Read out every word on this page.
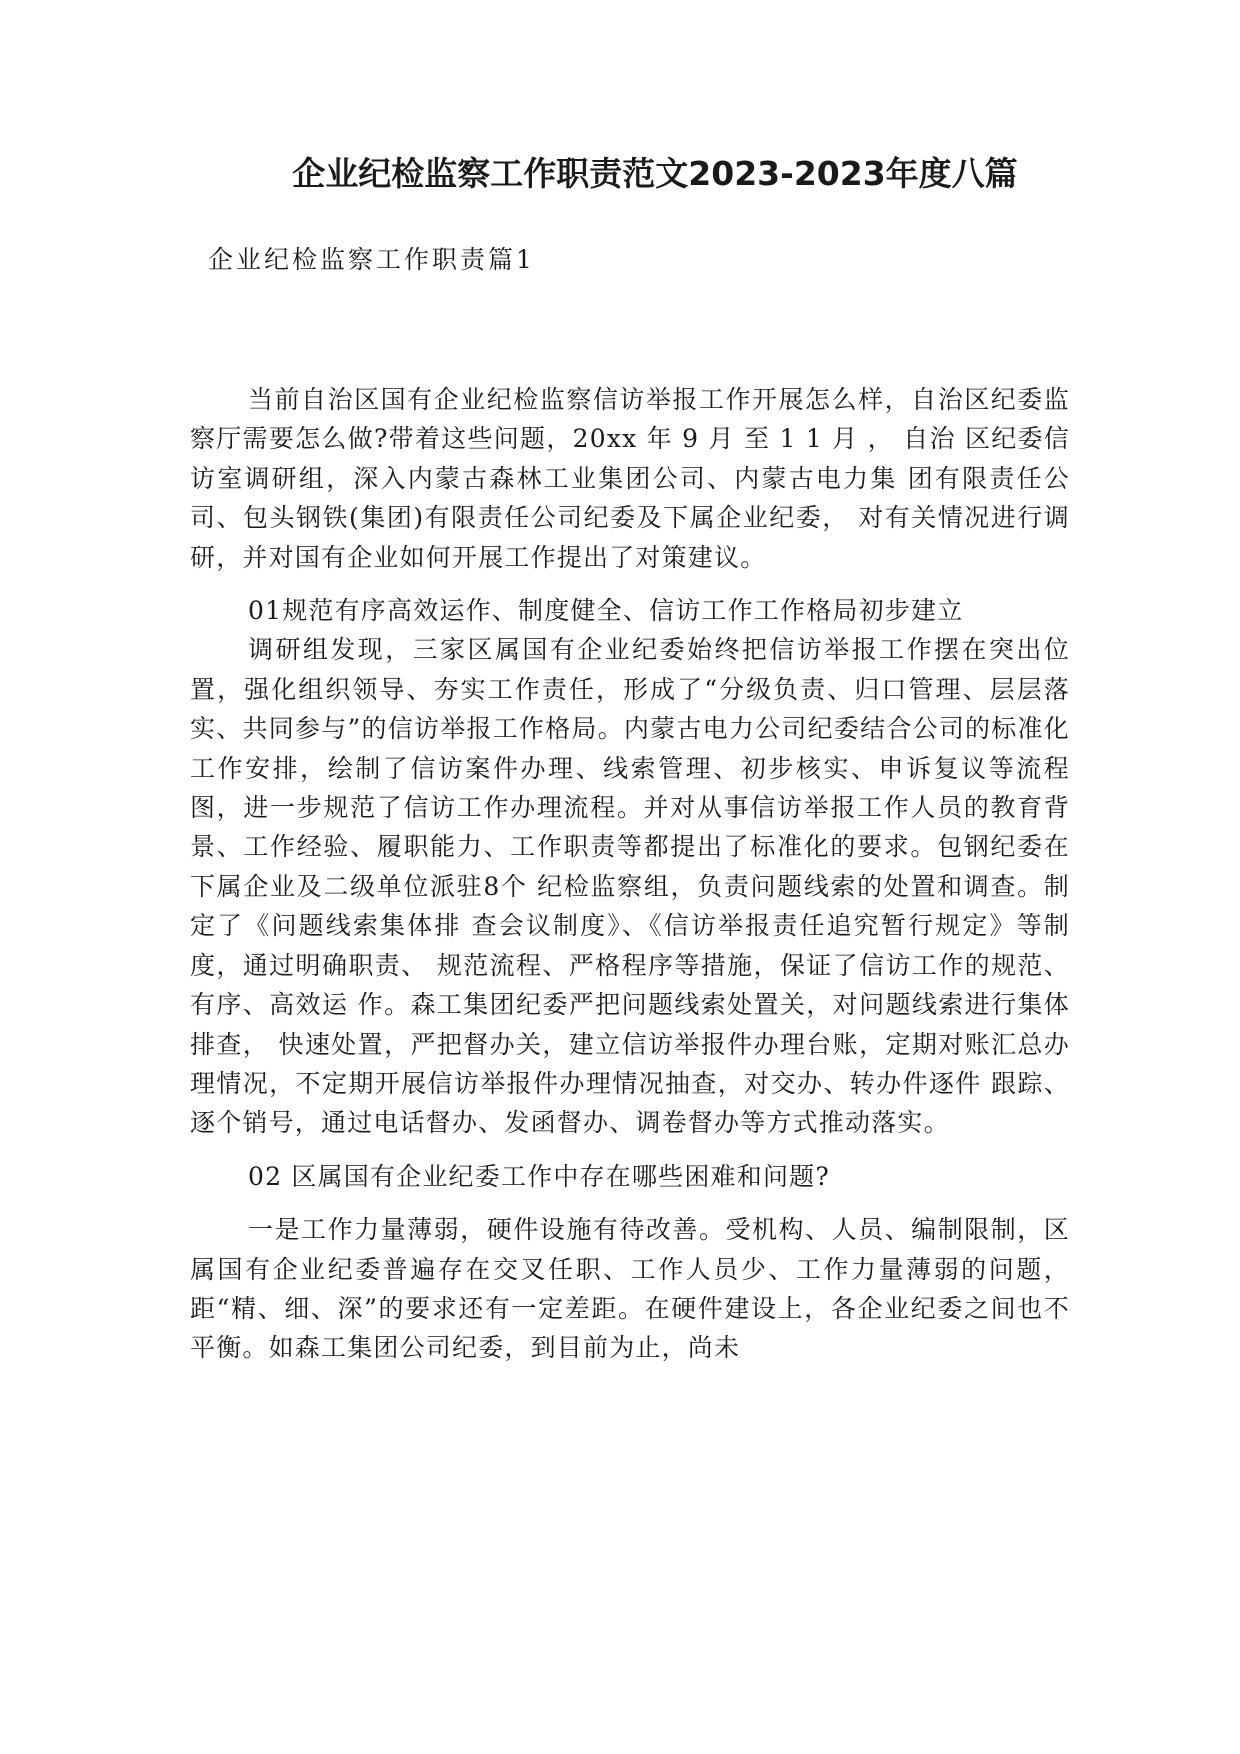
企业纪检监察工作职责范文2023-2023年度八篇
企业纪检监察工作职责篇1

当前自治区国有企业纪检监察信访举报工作开展怎么样，自治区纪委监察厅需要怎么做?带着这些问题，20xx 年 9 月 至 1 1 月 ， 自治 区纪委信访室调研组，深入内蒙古森林工业集团公司、内蒙古电力集 团有限责任公司、包头钢铁(集团)有限责任公司纪委及下属企业纪委， 对有关情况进行调研，并对国有企业如何开展工作提出了对策建议。

01规范有序高效运作、制度健全、信访工作工作格局初步建立

调研组发现，三家区属国有企业纪委始终把信访举报工作摆在突出位置，强化组织领导、夯实工作责任，形成了“分级负责、归口管理、层层落实、共同参与”的信访举报工作格局。内蒙古电力公司纪委结合公司的标准化工作安排，绘制了信访案件办理、线索管理、初步核实、申诉复议等流程图，进一步规范了信访工作办理流程。并对从事信访举报工作人员的教育背景、工作经验、履职能力、工作职责等都提出了标准化的要求。包钢纪委在下属企业及二级单位派驻8个 纪检监察组，负责问题线索的处置和调查。制定了《问题线索集体排 查会议制度》、《信访举报责任追究暂行规定》等制度，通过明确职责、 规范流程、严格程序等措施，保证了信访工作的规范、有序、高效运 作。森工集团纪委严把问题线索处置关，对问题线索进行集体排查， 快速处置，严把督办关，建立信访举报件办理台账，定期对账汇总办 理情况，不定期开展信访举报件办理情况抽查，对交办、转办件逐件 跟踪、逐个销号，通过电话督办、发函督办、调卷督办等方式推动落实。

02 区属国有企业纪委工作中存在哪些困难和问题?

一是工作力量薄弱，硬件设施有待改善。受机构、人员、编制限制，区属国有企业纪委普遍存在交叉任职、工作人员少、工作力量薄弱的问题，距“精、细、深”的要求还有一定差距。在硬件建设上，各企业纪委之间也不平衡。如森工集团公司纪委，到目前为止，尚未
